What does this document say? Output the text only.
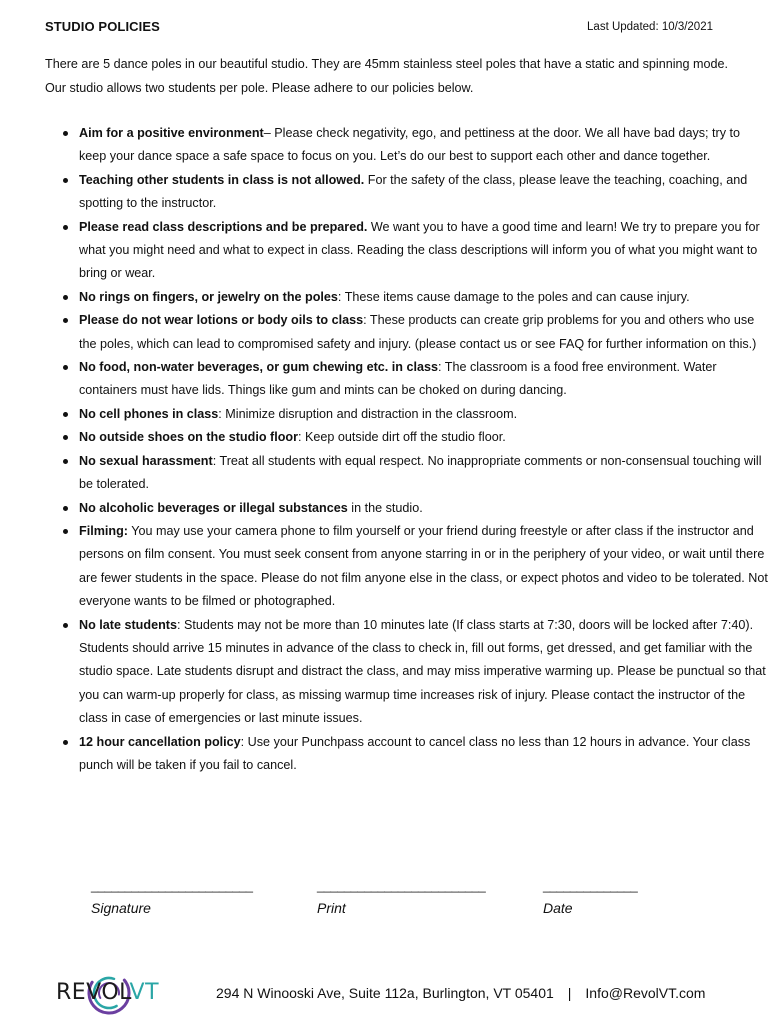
STUDIO POLICIES	Last Updated: 10/3/2021
There are 5 dance poles in our beautiful studio. They are 45mm stainless steel poles that have a static and spinning mode. Our studio allows two students per pole. Please adhere to our policies below.
Aim for a positive environment– Please check negativity, ego, and pettiness at the door. We all have bad days; try to keep your dance space a safe space to focus on you. Let’s do our best to support each other and dance together.
Teaching other students in class is not allowed. For the safety of the class, please leave the teaching, coaching, and spotting to the instructor.
Please read class descriptions and be prepared. We want you to have a good time and learn! We try to prepare you for what you might need and what to expect in class. Reading the class descriptions will inform you of what you might want to bring or wear.
No rings on fingers, or jewelry on the poles: These items cause damage to the poles and can cause injury.
Please do not wear lotions or body oils to class: These products can create grip problems for you and others who use the poles, which can lead to compromised safety and injury. (please contact us or see FAQ for further information on this.)
No food, non-water beverages, or gum chewing etc. in class: The classroom is a food free environment. Water containers must have lids. Things like gum and mints can be choked on during dancing.
No cell phones in class: Minimize disruption and distraction in the classroom.
No outside shoes on the studio floor: Keep outside dirt off the studio floor.
No sexual harassment: Treat all students with equal respect. No inappropriate comments or non-consensual touching will be tolerated.
No alcoholic beverages or illegal substances in the studio.
Filming: You may use your camera phone to film yourself or your friend during freestyle or after class if the instructor and persons on film consent. You must seek consent from anyone starring in or in the periphery of your video, or wait until there are fewer students in the space. Please do not film anyone else in the class, or expect photos and video to be tolerated. Not everyone wants to be filmed or photographed.
No late students: Students may not be more than 10 minutes late (If class starts at 7:30, doors will be locked after 7:40). Students should arrive 15 minutes in advance of the class to check in, fill out forms, get dressed, and get familiar with the studio space. Late students disrupt and distract the class, and may miss imperative warming up. Please be punctual so that you can warm-up properly for class, as missing warmup time increases risk of injury. Please contact the instructor of the class in case of emergencies or last minute issues.
12 hour cancellation policy: Use your Punchpass account to cancel class no less than 12 hours in advance. Your class punch will be taken if you fail to cancel.
________________________
Signature
_________________________
Print
______________
Date
REVOLVT	294 N Winooski Ave, Suite 112a, Burlington, VT 05401 | Info@RevolVT.com
